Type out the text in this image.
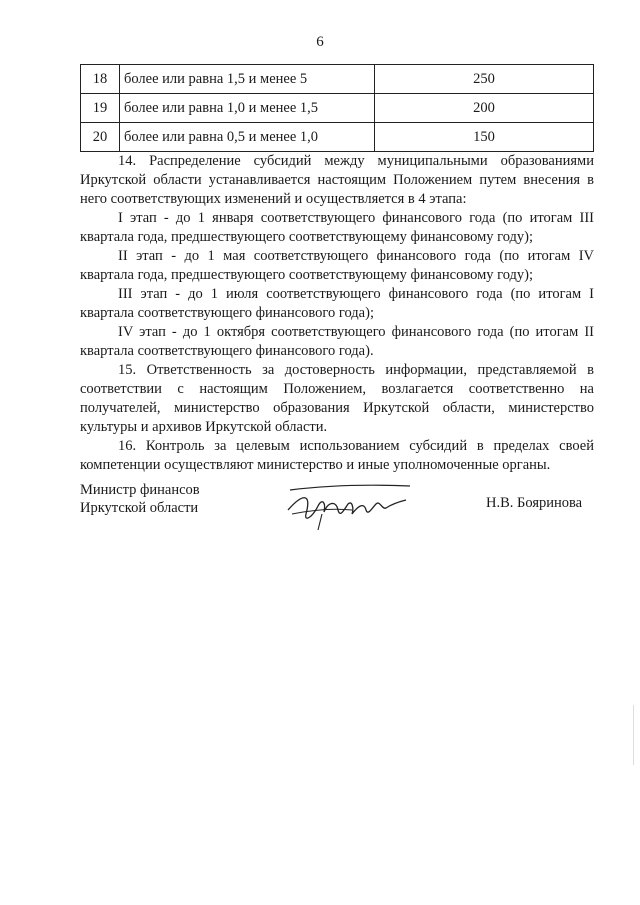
6
18	более или равна 1,5 и менее 5	250
19	более или равна 1,0 и менее 1,5	200
20	более или равна 0,5 и менее 1,0	150

14. Распределение субсидий между муниципальными образованиями Иркутской области устанавливается настоящим Положением путем внесения в него соответствующих изменений и осуществляется в 4 этапа:

I этап - до 1 января соответствующего финансового года (по итогам III квартала года, предшествующего соответствующему финансовому году);

II этап - до 1 мая соответствующего финансового года (по итогам IV квартала года, предшествующего соответствующему финансовому году);

III этап - до 1 июля соответствующего финансового года (по итогам I квартала соответствующего финансового года);

IV этап - до 1 октября соответствующего финансового года (по итогам II квартала соответствующего финансового года).

15. Ответственность за достоверность информации, представляемой в соответствии с настоящим Положением, возлагается соответственно на получателей, министерство образования Иркутской области, министерство культуры и архивов Иркутской области.

16. Контроль за целевым использованием субсидий в пределах своей компетенции осуществляют министерство и иные уполномоченные органы.

Министр финансов
Иркутской области	Н.В. Бояринова
